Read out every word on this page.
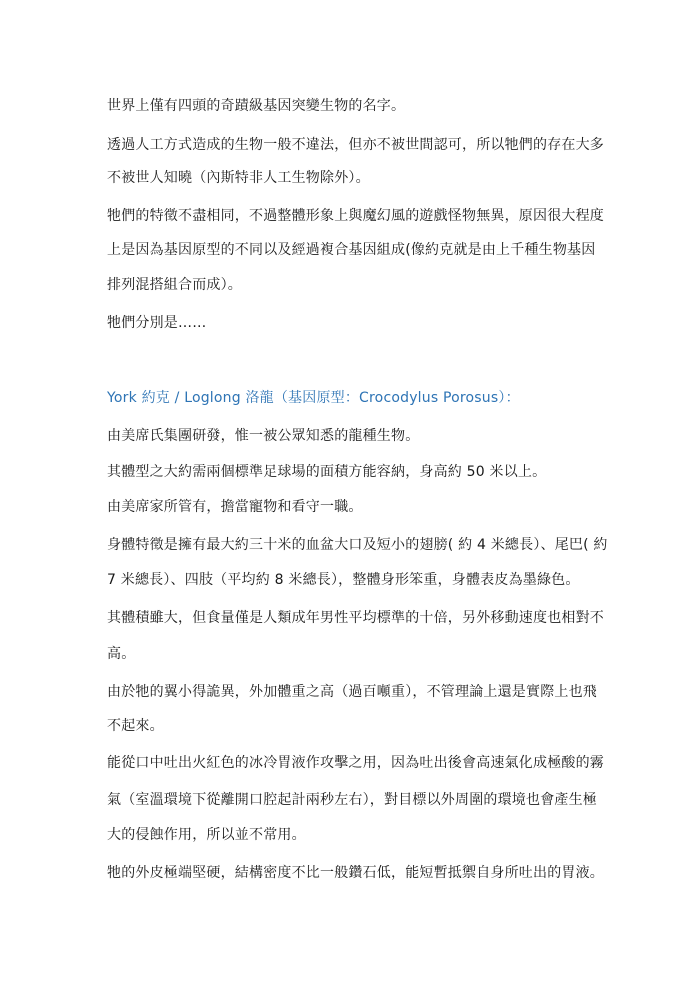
世界上僅有四頭的奇蹟級基因突變生物的名字。
透過人工方式造成的生物一般不違法，但亦不被世間認可，所以牠們的存在大多
不被世人知曉（內斯特非人工生物除外）。
牠們的特徵不盡相同，不過整體形象上與魔幻風的遊戲怪物無異，原因很大程度
上是因為基因原型的不同以及經過複合基因組成(像約克就是由上千種生物基因
排列混搭組合而成）。
牠們分別是……
York 約克 / Loglong 洛龍（基因原型：Crocodylus Porosus）：
由美席氏集團研發，惟一被公眾知悉的龍種生物。
其體型之大約需兩個標準足球場的面積方能容納，身高約 50 米以上。
由美席家所管有，擔當寵物和看守一職。
身體特徵是擁有最大約三十米的血盆大口及短小的翅膀( 約 4 米總長）、尾巴( 約
7 米總長）、四肢（平均約 8 米總長），整體身形笨重，身體表皮為墨綠色。
其體積雖大，但食量僅是人類成年男性平均標準的十倍，另外移動速度也相對不
高。
由於牠的翼小得詭異，外加體重之高（過百噸重），不管理論上還是實際上也飛
不起來。
能從口中吐出火紅色的冰冷胃液作攻擊之用，因為吐出後會高速氣化成極酸的霧
氣（室溫環境下從離開口腔起計兩秒左右），對目標以外周圍的環境也會產生極
大的侵蝕作用，所以並不常用。
牠的外皮極端堅硬，結構密度不比一般鑽石低，能短暫抵禦自身所吐出的胃液。
